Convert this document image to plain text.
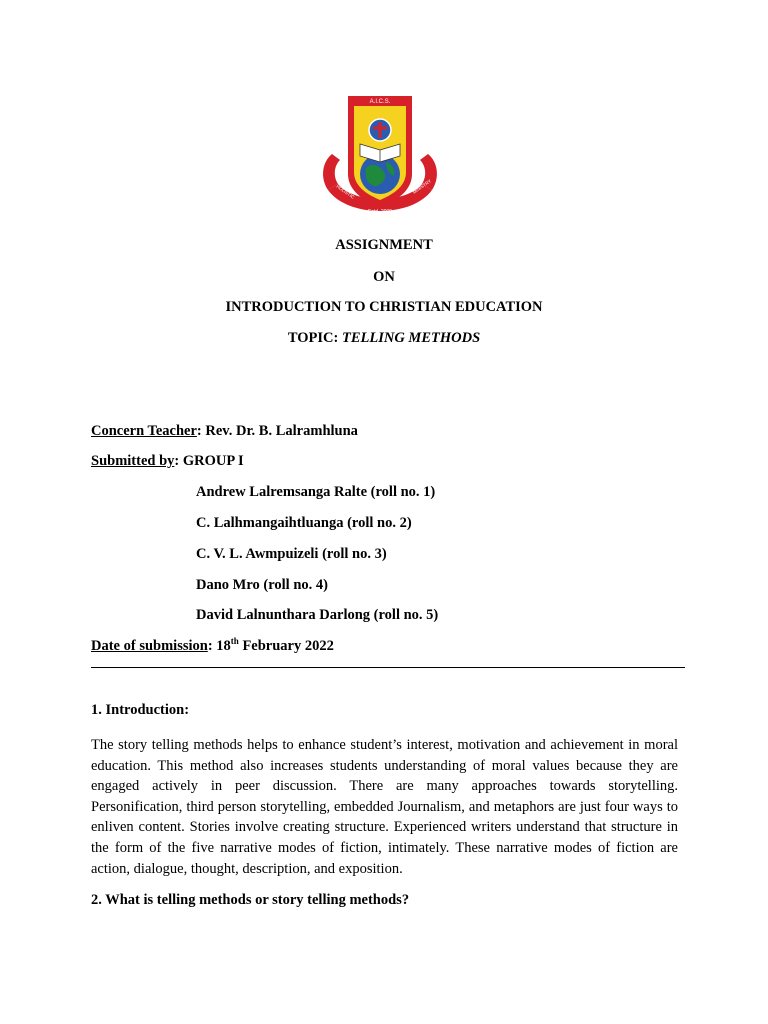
A.I.C.S.
HOLISTIC	MINISTRY
Estd. 2000
ASSIGNMENT
ON
INTRODUCTION TO CHRISTIAN EDUCATION
TOPIC: TELLING METHODS
Concern Teacher: Rev. Dr. B. Lalramhluna
Submitted by: GROUP I
Andrew Lalremsanga Ralte (roll no. 1)
C. Lalhmangaihtluanga (roll no. 2)
C. V. L. Awmpuizeli (roll no. 3)
Dano Mro (roll no. 4)
David Lalnunthara Darlong (roll no. 5)
Date of submission: 18th February 2022
1. Introduction:
The story telling methods helps to enhance student’s interest, motivation and achievement in moral education. This method also increases students understanding of moral values because they are engaged actively in peer discussion. There are many approaches towards storytelling. Personification, third person storytelling, embedded Journalism, and metaphors are just four ways to enliven content. Stories involve creating structure. Experienced writers understand that structure in the form of the five narrative modes of fiction, intimately. These narrative modes of fiction are action, dialogue, thought, description, and exposition.
2. What is telling methods or story telling methods?
